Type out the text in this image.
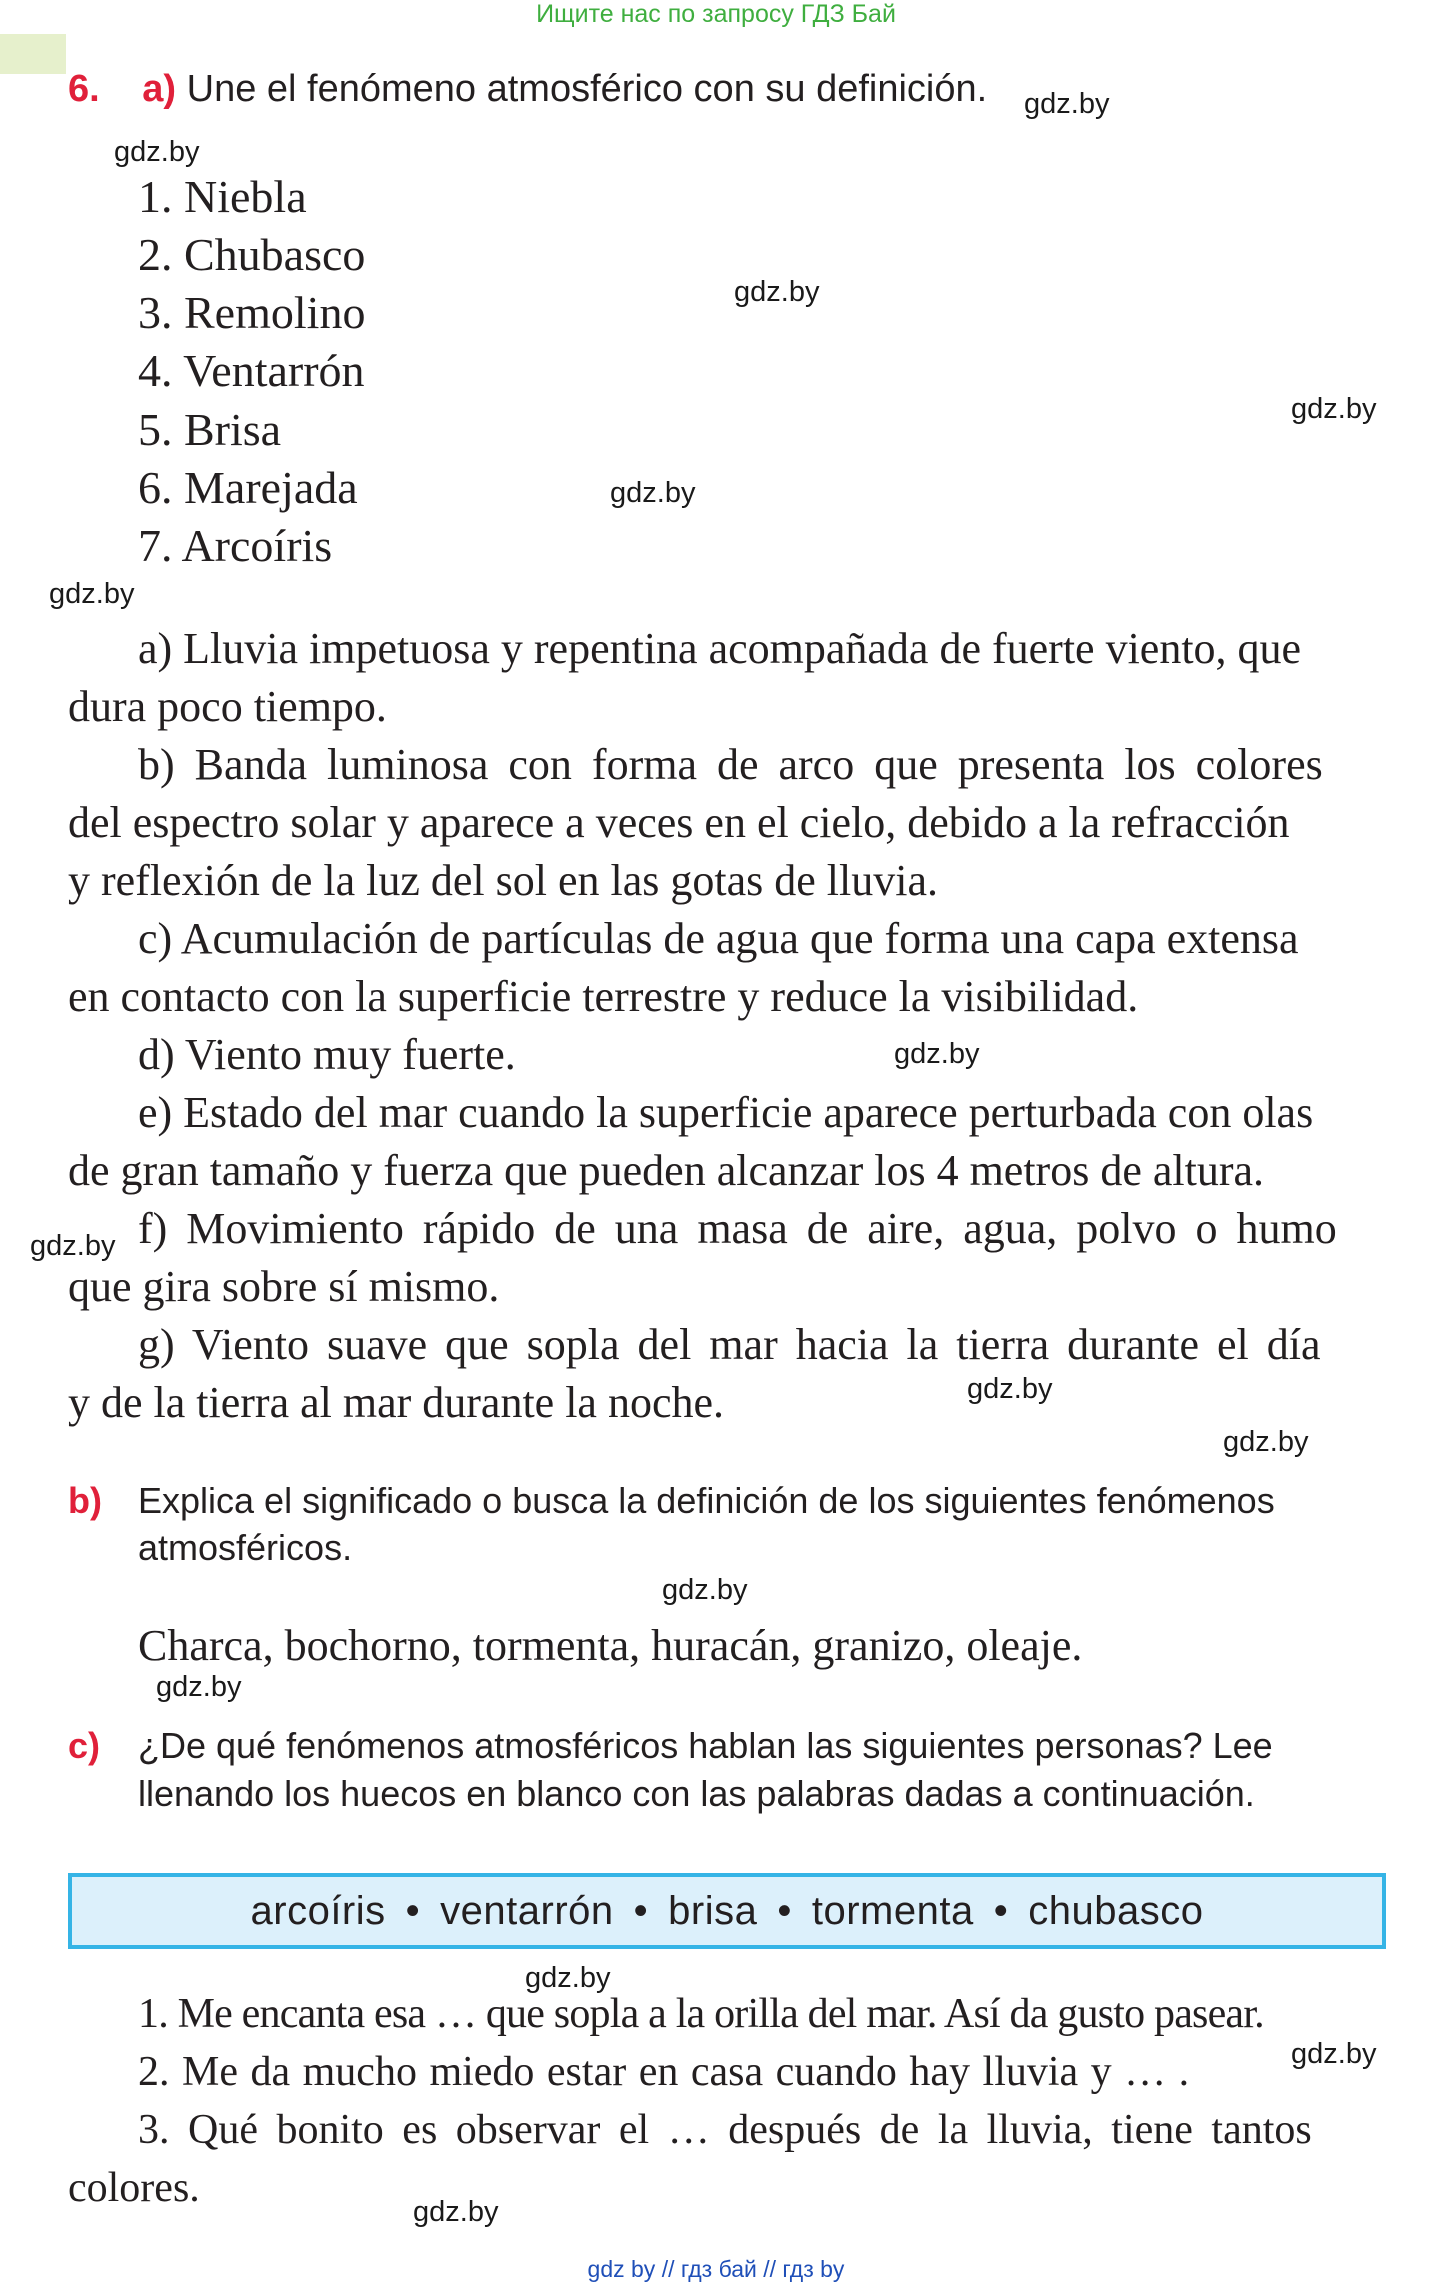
Ищите нас по запросу ГДЗ Бай
6. a) Une el fenómeno atmosférico con su definición.
1. Niebla
2. Chubasco
3. Remolino
4. Ventarrón
5. Brisa
6. Marejada
7. Arcoíris
a) Lluvia impetuosa y repentina acompañada de fuerte viento, que
dura poco tiempo.
b) Banda luminosa con forma de arco que presenta los colores
del espectro solar y aparece a veces en el cielo, debido a la refracción
y reflexión de la luz del sol en las gotas de lluvia.
c) Acumulación de partículas de agua que forma una capa extensa
en contacto con la superficie terrestre y reduce la visibilidad.
d) Viento muy fuerte.
e) Estado del mar cuando la superficie aparece perturbada con olas
de gran tamaño y fuerza que pueden alcanzar los 4 metros de altura.
f) Movimiento rápido de una masa de aire, agua, polvo o humo
que gira sobre sí mismo.
g) Viento suave que sopla del mar hacia la tierra durante el día
y de la tierra al mar durante la noche.
b) Explica el significado o busca la definición de los siguientes fenómenos
atmosféricos.
Charca, bochorno, tormenta, huracán, granizo, oleaje.
c) ¿De qué fenómenos atmosféricos hablan las siguientes personas? Lee
llenando los huecos en blanco con las palabras dadas a continuación.
arcoíris • ventarrón • brisa • tormenta • chubasco
1. Me encanta esa … que sopla a la orilla del mar. Así da gusto pasear.
2. Me da mucho miedo estar en casa cuando hay lluvia y … .
3. Qué bonito es observar el … después de la lluvia, tiene tantos
colores.
gdz.by
gdz.by
gdz.by
gdz.by
gdz.by
gdz.by
gdz.by
gdz.by
gdz.by
gdz.by
gdz.by
gdz.by
gdz.by
gdz.by
gdz.by
gdz by // гдз бай // гдз by
